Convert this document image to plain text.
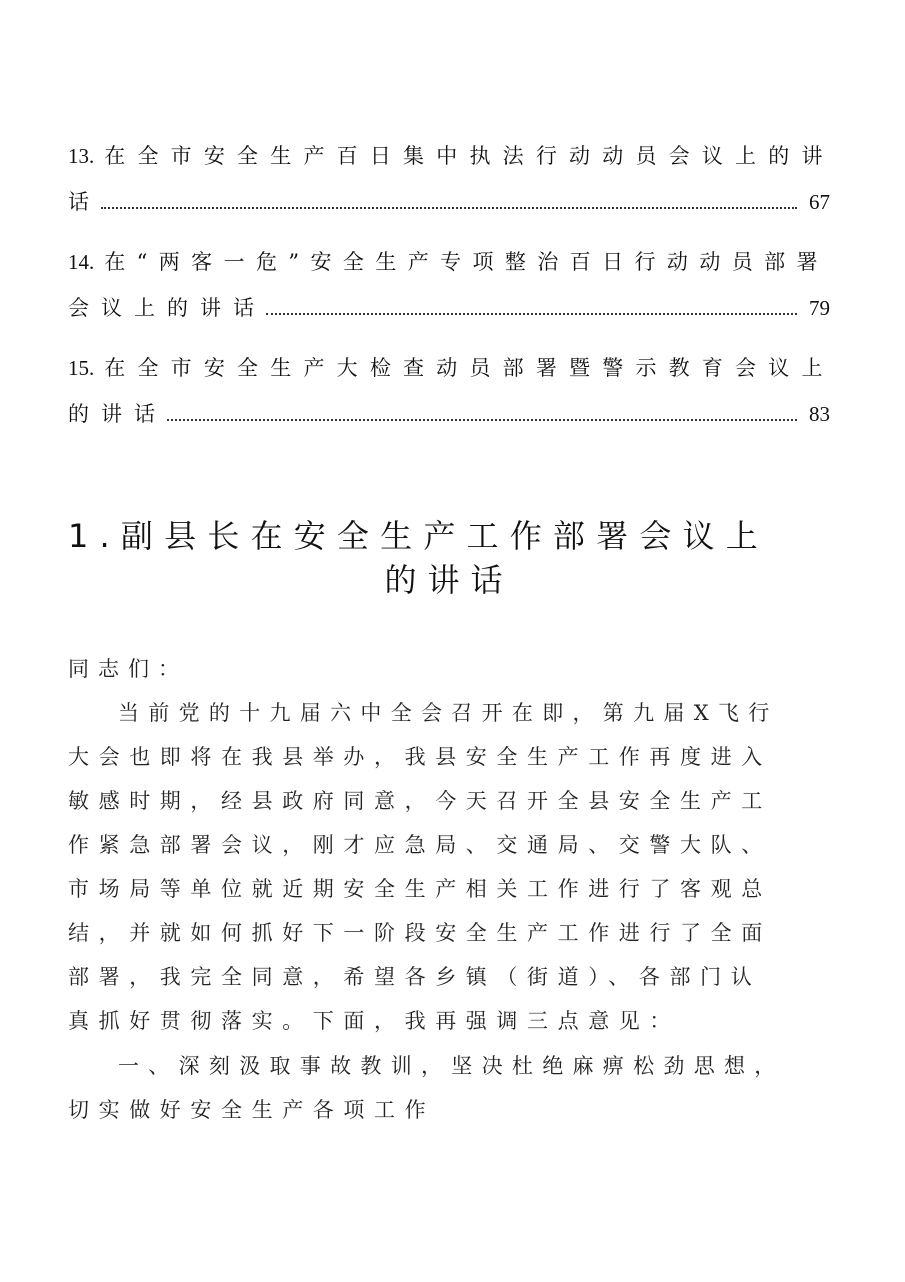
13. 在全市安全生产百日集中执法行动动员会议上的讲
话	67
14. 在“两客一危”安全生产专项整治百日行动动员部署
会议上的讲话	79
15. 在全市安全生产大检查动员部署暨警示教育会议上
的讲话	83
1.副县长在安全生产工作部署会议上
的讲话
同志们：
当前党的十九届六中全会召开在即，第九届X飞行
大会也即将在我县举办，我县安全生产工作再度进入
敏感时期，经县政府同意，今天召开全县安全生产工
作紧急部署会议，刚才应急局、交通局、交警大队、
市场局等单位就近期安全生产相关工作进行了客观总
结，并就如何抓好下一阶段安全生产工作进行了全面
部署，我完全同意，希望各乡镇（街道）、各部门认
真抓好贯彻落实。下面，我再强调三点意见：
一、深刻汲取事故教训，坚决杜绝麻痹松劲思想，
切实做好安全生产各项工作
